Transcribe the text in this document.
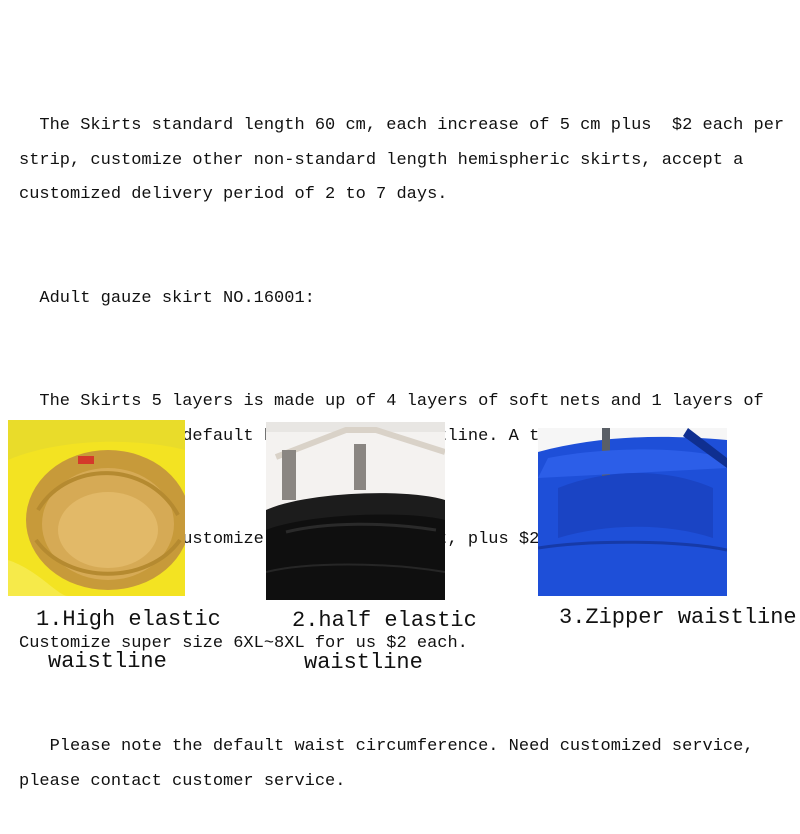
The Skirts standard length 60 cm, each increase of 5 cm plus  $2 each per strip, customize other non-standard length hemispheric skirts, accept a customized delivery period of 2 to 7 days.

Adult gauze skirt NO.16001:

The Skirts 5 layers is made up of 4 layers of soft nets and 1 layers of    default   waistline. A

customize     plus $2

Customize super size 6XL~8XL for us $2 each.

Please note the default waist circumference. Need customized service, please contact customer service.

1.High elastic
waistline
2.half elastic
waistline
3.Zipper waistline
